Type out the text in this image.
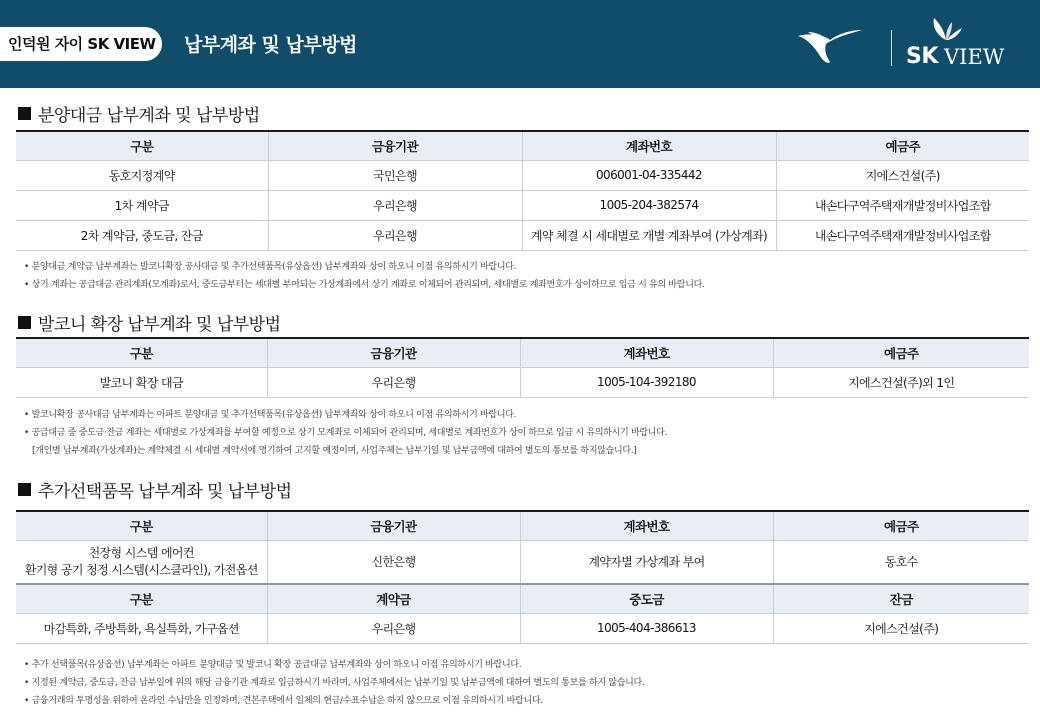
인덕원 자이 SK VIEW	납부계좌 및 납부방법	SK VIEW
분양대금 납부계좌 및 납부방법
구분	금융기관	계좌번호	예금주
동호지정계약	국민은행	006001-04-335442	지에스건설(주)
1차 계약금	우리은행	1005-204-382574	내손다구역주택재개발정비사업조합
2차 계약금, 중도금, 잔금	우리은행	계약 체결 시 세대별로 개별 계좌부여 (가상계좌)	내손다구역주택재개발정비사업조합
• 분양대금 계약금 납부계좌는 발코니확장 공사대금 및 추가선택품목(유상옵션) 납부계좌와 상이 하오니 이점 유의하시기 바랍니다.
• 상기 계좌는 공급대금 관리계좌(모계좌)로서, 중도금부터는 세대별 부여되는 가상계좌에서 상기 계좌로 이체되어 관리되며, 세대별로 계좌번호가 상이하므로 입금 시 유의 바랍니다.
발코니 확장 납부계좌 및 납부방법
구분	금융기관	계좌번호	예금주
발코니 확장 대금	우리은행	1005-104-392180	지에스건설(주)외 1인
• 발코니확장 공사대금 납부계좌는 아파트 분양대금 및 추가선택품목(유상옵션) 납부계좌와 상이 하오니 이점 유의하시기 바랍니다.
• 공급대금 중 중도금·잔금 계좌는 세대별로 가상계좌를 부여할 예정으로 상기 모계좌로 이체되어 관리되며, 세대별로 계좌번호가 상이 하므로 입금 시 유의하시기 바랍니다.
[개인별 납부계좌(가상계좌)는 계약체결 시 세대별 계약서에 명기하여 고지할 예정이며, 사업주체는 납부기일 및 납부금액에 대하여 별도의 통보를 하지않습니다.]
추가선택품목 납부계좌 및 납부방법
구분	금융기관	계좌번호	예금주

천장형 시스템 에어컨
환기형 공기 청정 시스템(시스클라인), 가전옵션	신한은행	계약자별 가상계좌 부여	동호수
구분	계약금	중도금	잔금
마감특화, 주방특화, 욕실특화, 가구옵션	우리은행	1005-404-386613	지에스건설(주)
• 추가 선택품목(유상옵션) 납부계좌는 아파트 분양대금 및 발코니 확장 공급대금 납부계좌와 상이 하오니 이점 유의하시기 바랍니다.
• 지정된 계약금, 중도금, 잔금 납부일에 위의 해당 금융기관 계좌로 입금하시기 바라며, 사업주체에서는 납부기일 및 납부금액에 대하여 별도의 통보를 하지 않습니다.
• 금융거래의 투명성을 위하여 온라인 수납만을 인정하며, 견본주택에서 일체의 현금/수표수납은 하지 않으므로 이점 유의하시기 바랍니다.
